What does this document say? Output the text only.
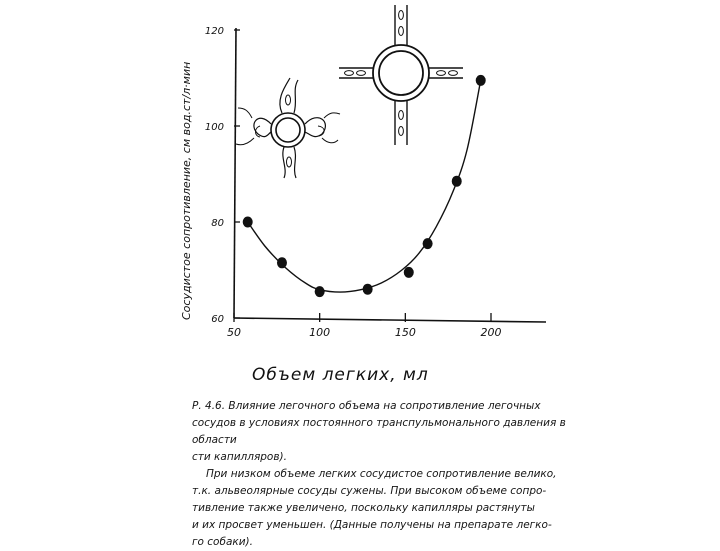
Сосудистое сопротивление, см вод.ст/л·мин 60
80
100
120
50	100	150	200
Объем легких, мл
Р. 4.6. Влияние легочного объема на сопротивление легочных
сосудов в условиях постоянного транспульмонального давления в области
сти капилляров).
При низком объеме легких сосудистое сопротивление велико,
т.к. альвеолярные сосуды сужены. При высоком объеме сопро-
тивление также увеличено, поскольку капилляры растянуты
и их просвет уменьшен. (Данные получены на препарате легко-
го собаки).
